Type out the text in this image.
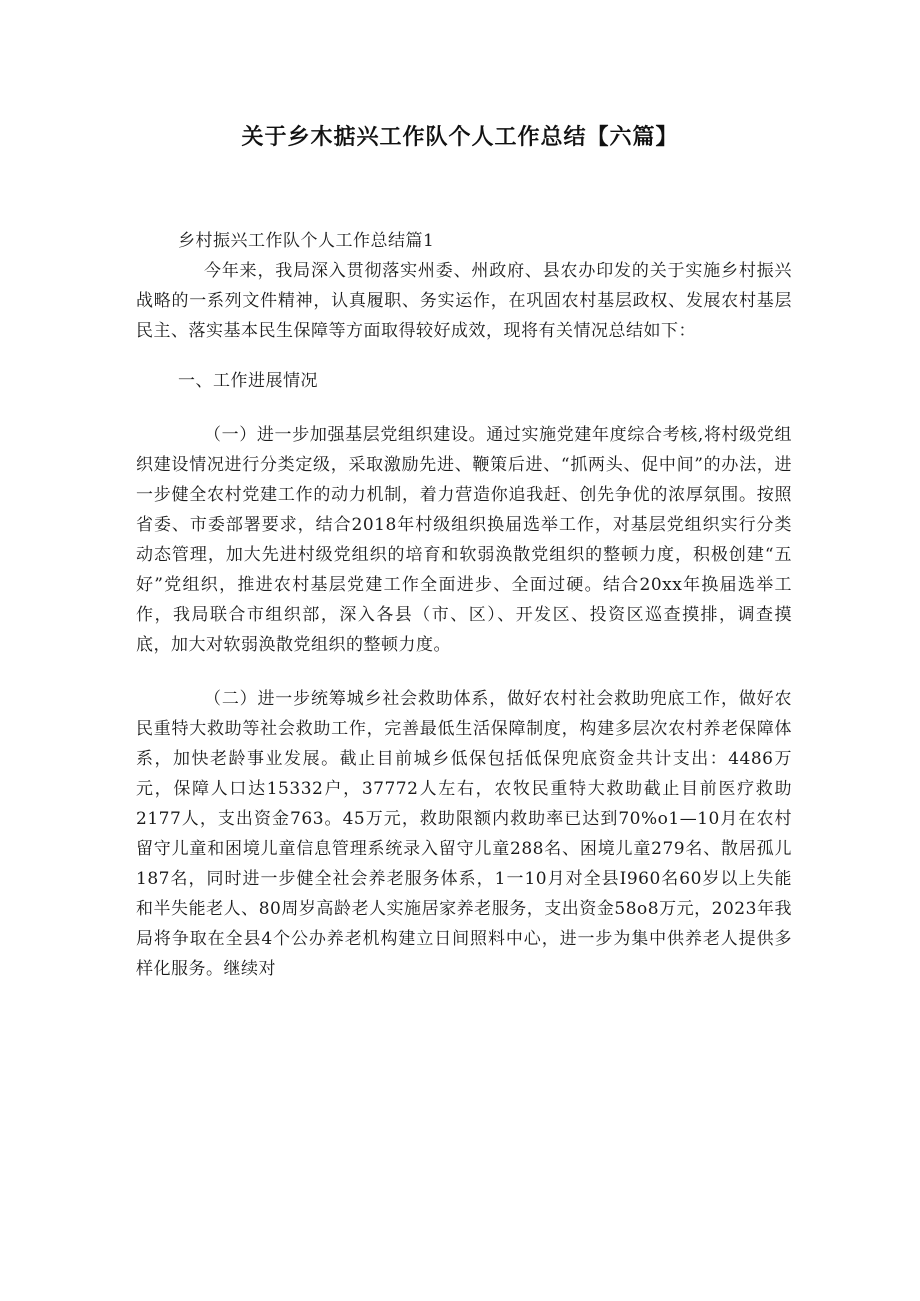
关于乡木掂兴工作队个人工作总结【六篇】

乡村振兴工作队个人工作总结篇1

今年来，我局深入贯彻落实州委、州政府、县农办印发的关于实施乡村振兴战略的一系列文件精神，认真履职、务实运作，在巩固农村基层政权、发展农村基层民主、落实基本民生保障等方面取得较好成效，现将有关情况总结如下：

一、工作进展情况

（一）进一步加强基层党组织建设。通过实施党建年度综合考核,将村级党组织建设情况进行分类定级，采取激励先进、鞭策后进、“抓两头、促中间”的办法，进一步健全农村党建工作的动力机制，着力营造你追我赶、创先争优的浓厚氛围。按照省委、市委部署要求，结合2018年村级组织换届选举工作，对基层党组织实行分类动态管理，加大先进村级党组织的培育和软弱涣散党组织的整顿力度，积极创建“五好”党组织，推进农村基层党建工作全面进步、全面过硬。结合20xx年换届选举工作，我局联合市组织部，深入各县（市、区）、开发区、投资区巡查摸排，调查摸底，加大对软弱涣散党组织的整顿力度。

（二）进一步统筹城乡社会救助体系，做好农村社会救助兜底工作，做好农民重特大救助等社会救助工作，完善最低生活保障制度，构建多层次农村养老保障体系，加快老龄事业发展。截止目前城乡低保包括低保兜底资金共计支出：4486万元，保障人口达15332户，37772人左右，农牧民重特大救助截止目前医疗救助2177人，支出资金763。45万元，救助限额内救助率已达到70%o1—10月在农村留守儿童和困境儿童信息管理系统录入留守儿童288名、困境儿童279名、散居孤儿187名，同时进一步健全社会养老服务体系，1一10月对全县I960名60岁以上失能和半失能老人、80周岁高龄老人实施居家养老服务，支出资金58o8万元，2023年我局将争取在全县4个公办养老机构建立日间照料中心，进一步为集中供养老人提供多样化服务。继续对
